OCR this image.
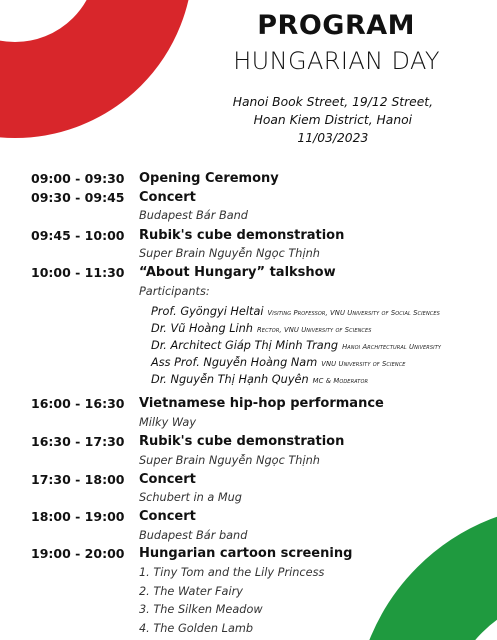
PROGRAM
HUNGARIAN DAY
Hanoi Book Street, 19/12 Street,
Hoan Kiem District, Hanoi
11/03/2023
09:00 - 09:30 Opening Ceremony
09:30 - 09:45 Concert
Budapest Bár Band
09:45 - 10:00 Rubik's cube demonstration
Super Brain Nguyễn Ngọc Thịnh
10:00 - 11:30 “About Hungary” talkshow
Participants:
Prof. Gyöngyi Heltai Visiting Professor, VNU University of Social Sciences
Dr. Vũ Hoàng Linh Rector, VNU University of Sciences
Dr. Architect Giáp Thị Minh Trang Hanoi Architectural University
Ass Prof. Nguyễn Hoàng Nam VNU University of Science
Dr. Nguyễn Thị Hạnh Quyên MC & Moderator
16:00 - 16:30 Vietnamese hip-hop performance
Milky Way
16:30 - 17:30 Rubik's cube demonstration
Super Brain Nguyễn Ngọc Thịnh
17:30 - 18:00 Concert
Schubert in a Mug
18:00 - 19:00 Concert
Budapest Bár band
19:00 - 20:00 Hungarian cartoon screening
1. Tiny Tom and the Lily Princess
2. The Water Fairy
3. The Silken Meadow
4. The Golden Lamb
